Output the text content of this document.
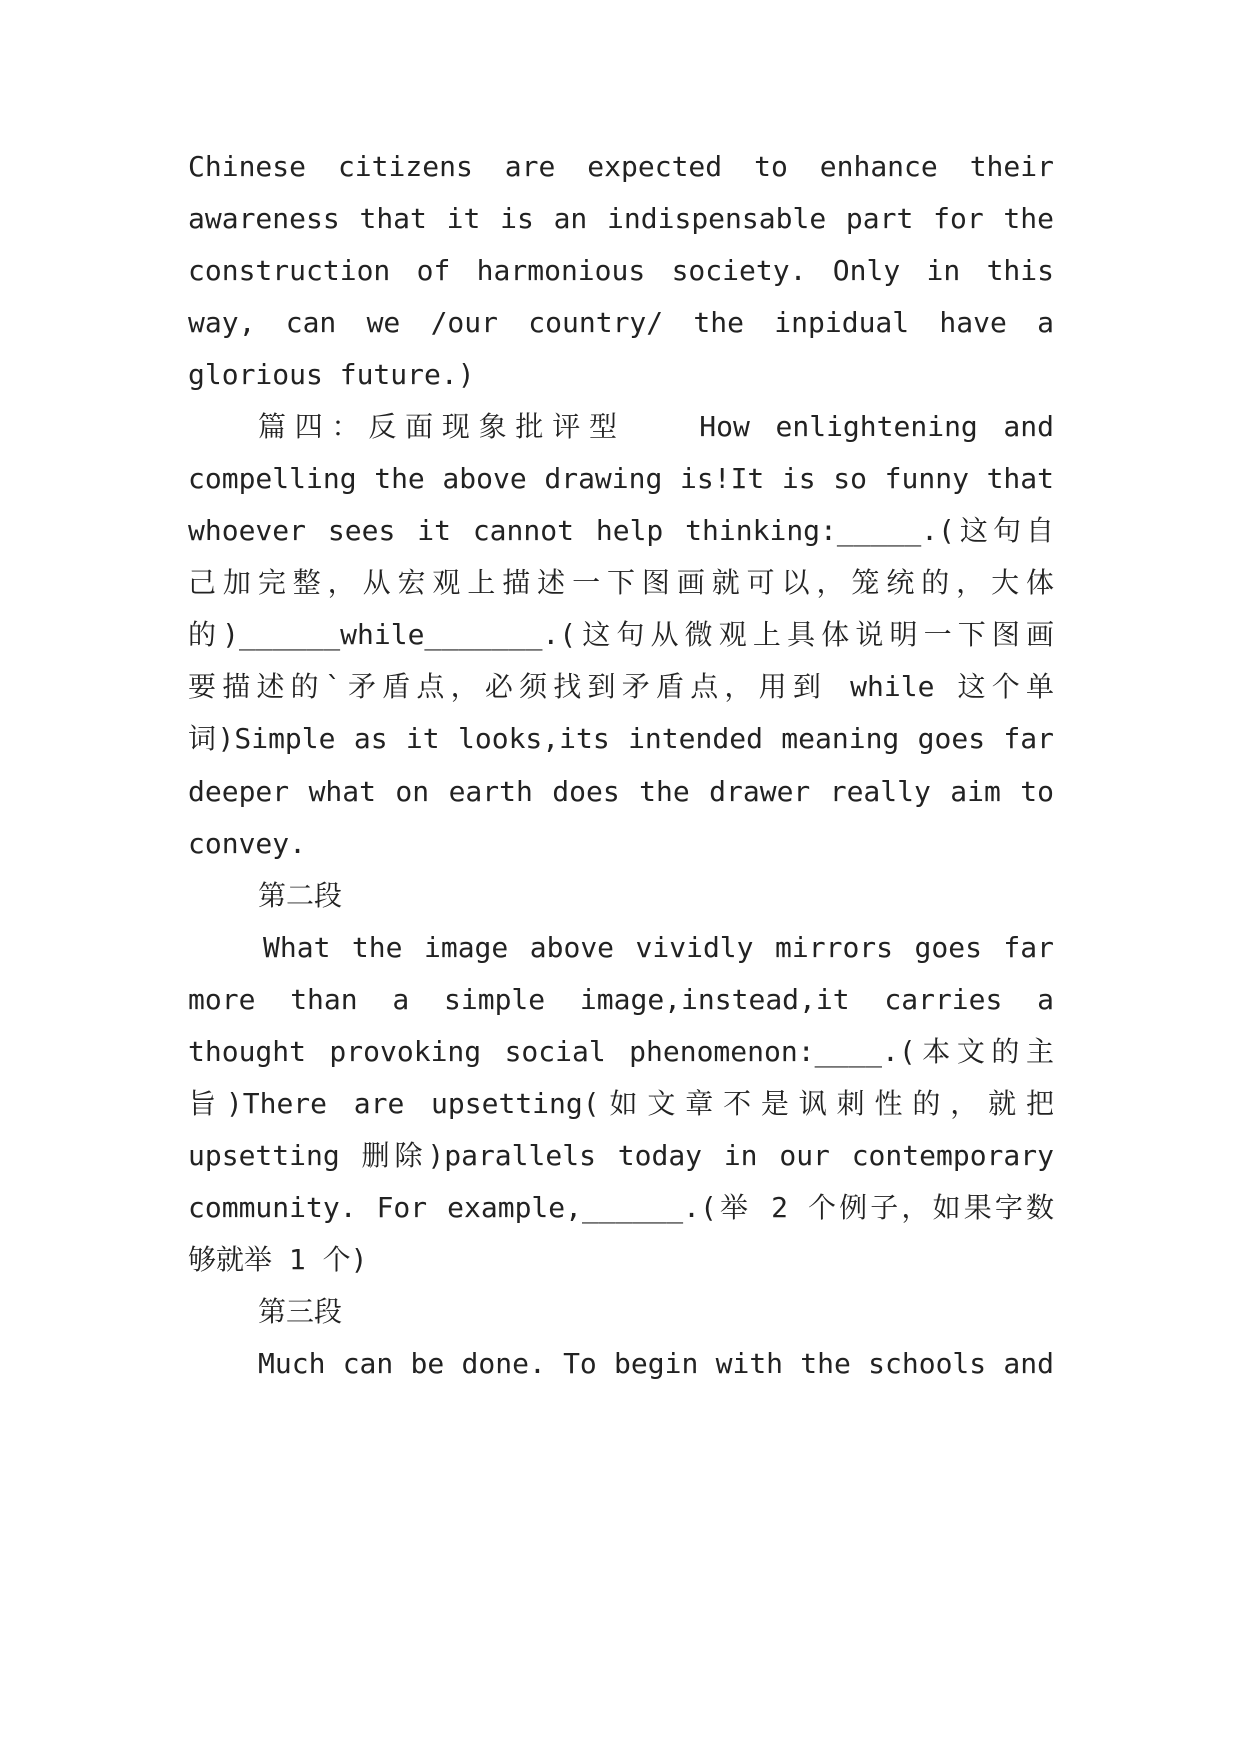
Chinese citizens are expected to enhance their
awareness that it is an indispensable part for the
construction of harmonious society. Only in this
way, can we /our country/ the inpidual have a
glorious future.)
篇四：反面现象批评型　　How enlightening and
compelling the above drawing is!It is so funny that
whoever sees it cannot help thinking:_____.(这句自
己加完整，从宏观上描述一下图画就可以，笼统的，大体
的)______while_______.(这句从微观上具体说明一下图画
要描述的`矛盾点，必须找到矛盾点，用到 while 这个单
词)Simple as it looks,its intended meaning goes far
deeper what on earth does the drawer really aim to
convey.
第二段
What the image above vividly mirrors goes far
more than a simple image,instead,it carries a
thought provoking social phenomenon:____.(本文的主
旨)There are upsetting(如文章不是讽刺性的，就把
upsetting 删除)parallels today in our contemporary
community. For example,______.(举 2 个例子，如果字数
够就举 1 个)
第三段
Much can be done. To begin with the schools and
